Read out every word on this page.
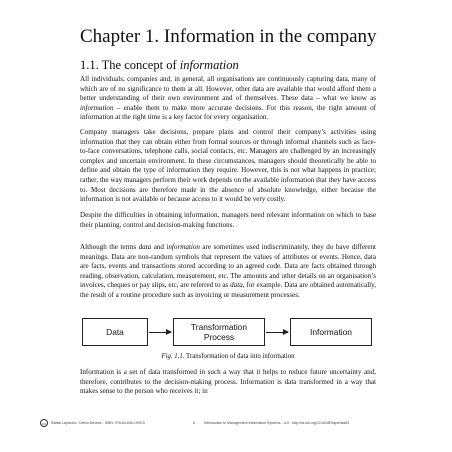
Chapter 1. Information in the company
1.1. The concept of information

All individuals, companies and, in general, all organisations are continuously capturing data, many of which are of no significance to them at all. However, other data are available that would afford them a better understanding of their own environment and of themselves. These data – what we know as information – enable them to make more accurate decisions. For this reason, the right amount of information at the right time is a key factor for every organisation.

Company managers take decisions, prepare plans and control their company’s activities using information that they can obtain either from formal sources or through informal channels such as face-to-face conversations, telephone calls, social contacts, etc. Managers are challenged by an increasingly complex and uncertain environment. In these circumstances, managers should theoretically be able to define and obtain the type of information they require. However, this is not what happens in practice; rather, the way managers perform their work depends on the available information that they have access to. Most decisions are therefore made in the absence of absolute knowledge, either because the information is not available or because access to it would be very costly.

Despite the difficulties in obtaining information, managers need relevant information on which to base their planning, control and decision-making functions.

Although the terms data and information are sometimes used indiscriminately, they do have different meanings. Data are non-random symbols that represent the values of attributes or events. Hence, data are facts, events and transactions stored according to an agreed code. Data are facts obtained through reading, observation, calculation, measurement, etc. The amounts and other details on an organisation’s invoices, cheques or pay slips, etc, are referred to as data, for example. Data are obtained automatically, the result of a routine procedure such as invoicing or measurement processes.

Data	Transformation
Process	Information
Fig. 1.1. Transformation of data into information

Information is a set of data transformed in such a way that it helps to reduce future uncertainty and, therefore, contributes to the decision-making process. Information is data transformed in a way that makes sense to the person who receives it; in

OC	Rafael Lapiedra / Carlos Devece - ISBN: 978-84-695-1939-5	8	Introduction to Management Information Systems - UJI - http://dx.doi.org/10.6035/Sapientia63
